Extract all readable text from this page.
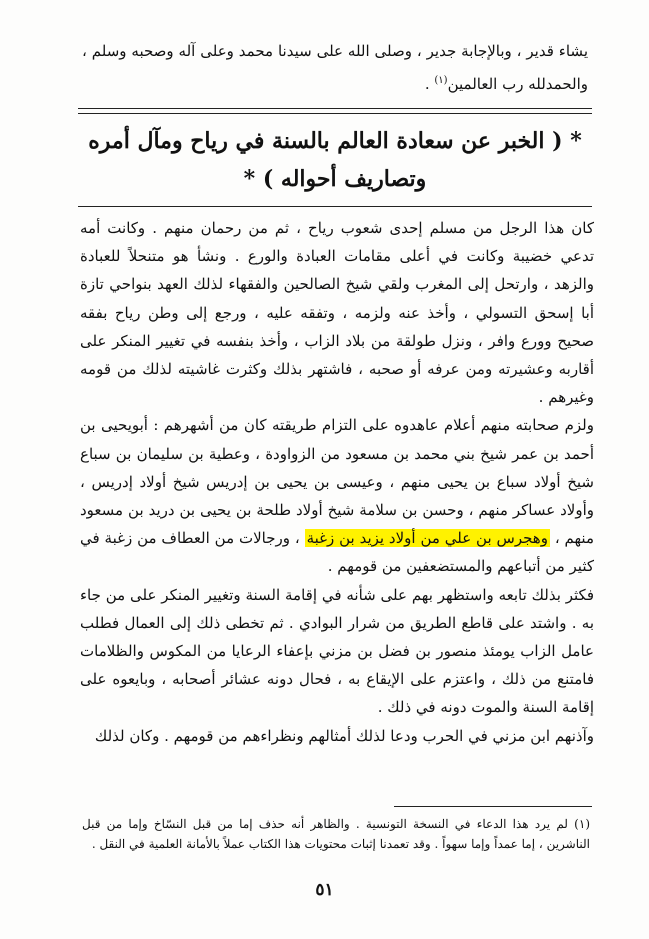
يشاء قدير ، وبالإجابة جدير ، وصلى الله على سيدنا محمد وعلى آله وصحبه وسلم ، والحمدلله رب العالمين$^{(١)}$ .
* ( الخبر عن سعادة العالم بالسنة في رياح ومآل أمره وتصاريف أحواله ) *

كان هذا الرجل من مسلم إحدى شعوب رياح ، ثم من رحمان منهم . وكانت أمه تدعي خضيبة وكانت في أعلى مقامات العبادة والورع . ونشأ هو متنحلاً للعبادة والزهد ، وارتحل إلى المغرب ولقي شيخ الصالحين والفقهاء لذلك العهد بنواحي تازة أبا إسحق التسولي ، وأخذ عنه ولزمه ، وتفقه عليه ، ورجع إلى وطن رياح بفقه صحيح وورع وافر ، ونزل طولقة من بلاد الزاب ، وأخذ بنفسه في تغيير المنكر على أقاربه وعشيرته ومن عرفه أو صحبه ، فاشتهر بذلك وكثرت غاشيته لذلك من قومه وغيرهم .

ولزم صحابته منهم أعلام عاهدوه على التزام طريقته كان من أشهرهم : أبويحيى بن أحمد بن عمر شيخ بني محمد بن مسعود من الزواودة ، وعطية بن سليمان بن سباع شيخ أولاد سباع بن يحيى منهم ، وعيسى بن يحيى بن إدريس شيخ أولاد إدريس ، وأولاد عساكر منهم ، وحسن بن سلامة شيخ أولاد طلحة بن يحيى بن دريد بن مسعود منهم ، وهجرس بن علي من أولاد يزيد بن زغبة ، ورجالات من العطاف من زغبة في كثير من أتباعهم والمستضعفين من قومهم .

فكثر بذلك تابعه واستظهر بهم على شأنه في إقامة السنة وتغيير المنكر على من جاء به . واشتد على قاطع الطريق من شرار البوادي . ثم تخطى ذلك إلى العمال فطلب عامل الزاب يومئذ منصور بن فضل بن مزني بإعفاء الرعايا من المكوس والظلامات فامتنع من ذلك ، واعتزم على الإيقاع به ، فحال دونه عشائر أصحابه ، وبايعوه على إقامة السنة والموت دونه في ذلك .

وآذنهم ابن مزني في الحرب ودعا لذلك أمثالهم ونظراءهم من قومهم . وكان لذلك

(١) لم يرد هذا الدعاء في النسخة التونسية . والظاهر أنه حذف إما من قبل النسّاخ وإما من قبل الناشرين ، إما عمداً وإما سهواً . وقد تعمدنا إثبات محتويات هذا الكتاب عملاً بالأمانة العلمية في النقل .
٥١
